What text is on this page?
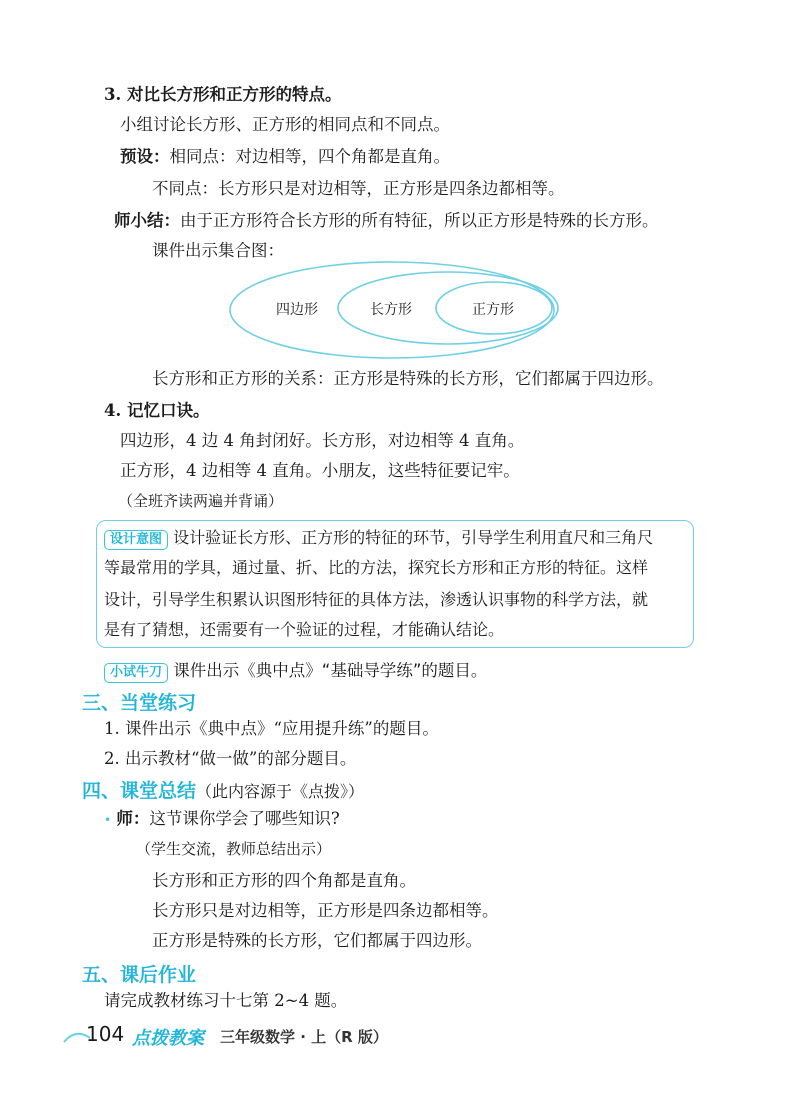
3. 对比长方形和正方形的特点。
小组讨论长方形、正方形的相同点和不同点。
预设：相同点：对边相等，四个角都是直角。
不同点：长方形只是对边相等，正方形是四条边都相等。
师小结：由于正方形符合长方形的所有特征，所以正方形是特殊的长方形。
课件出示集合图：
四边形	长方形	正方形
长方形和正方形的关系：正方形是特殊的长方形，它们都属于四边形。
4. 记忆口诀。
四边形，4 边 4 角封闭好。长方形，对边相等 4 直角。
正方形，4 边相等 4 直角。小朋友，这些特征要记牢。
（全班齐读两遍并背诵）
设计意图 设计验证长方形、正方形的特征的环节，引导学生利用直尺和三角尺
等最常用的学具，通过量、折、比的方法，探究长方形和正方形的特征。这样
设计，引导学生积累认识图形特征的具体方法，渗透认识事物的科学方法，就
是有了猜想，还需要有一个验证的过程，才能确认结论。
小试牛刀 课件出示《典中点》“基础导学练”的题目。
三、当堂练习
1. 课件出示《典中点》“应用提升练”的题目。
2. 出示教材“做一做”的部分题目。
四、课堂总结（此内容源于《点拨》）
• 师：这节课你学会了哪些知识?
（学生交流，教师总结出示）
长方形和正方形的四个角都是直角。
长方形只是对边相等，正方形是四条边都相等。
正方形是特殊的长方形，它们都属于四边形。
五、课后作业
请完成教材练习十七第 2~4 题。
104 点拨教案 三年级数学 · 上（R 版）
